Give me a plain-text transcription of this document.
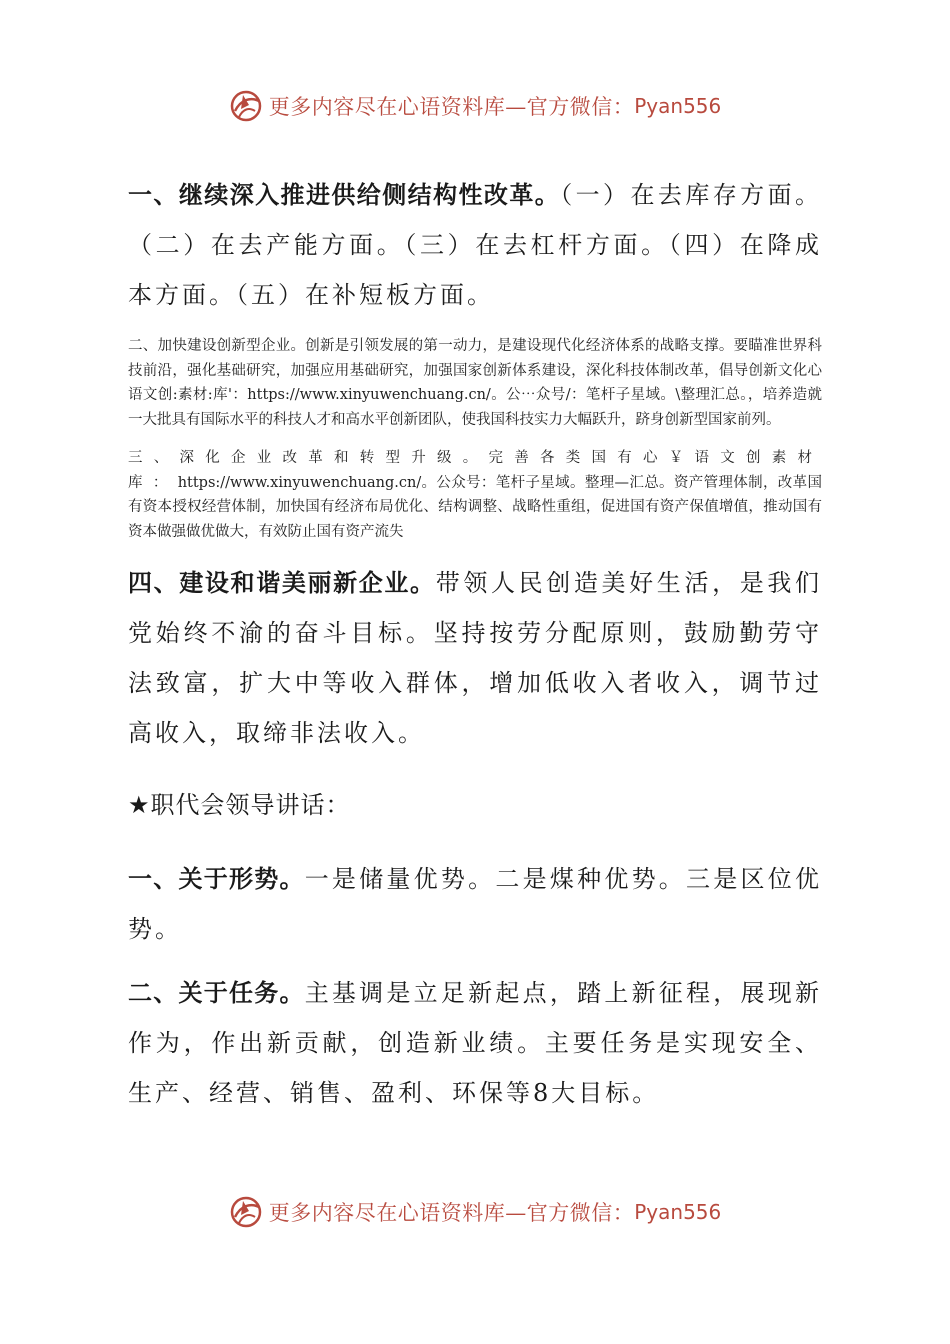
更多内容尽在心语资料库—官方微信： Pyan556

一、继续深入推进供给侧结构性改革。（一）在去库存方面。（二）在去产能方面。（三）在去杠杆方面。（四）在降成本方面。（五）在补短板方面。

二、加快建设创新型企业。创新是引领发展的第一动力，是建设现代化经济体系的战略支撑。要瞄准世界科技前沿，强化基础研究，加强应用基础研究，加强国家创新体系建设，深化科技体制改革，倡导创新文化心语文创:素材:库'：https://www.xinyuwenchuang.cn/。公⋯众号/：笔杆子星域。\整理汇总。，培养造就一大批具有国际水平的科技人才和高水平创新团队，使我国科技实力大幅跃升，跻身创新型国家前列。

三、深化企业改革和转型升级。完善各类国有心￥语文创素材库：https://www.xinyuwenchuang.cn/。公众号：笔杆子星域。整理—汇总。资产管理体制，改革国有资本授权经营体制，加快国有经济布局优化、结构调整、战略性重组，促进国有资产保值增值，推动国有资本做强做优做大，有效防止国有资产流失

四、建设和谐美丽新企业。带领人民创造美好生活，是我们党始终不渝的奋斗目标。坚持按劳分配原则，鼓励勤劳守法致富，扩大中等收入群体，增加低收入者收入，调节过高收入，取缔非法收入。

★职代会领导讲话：

一、关于形势。一是储量优势。二是煤种优势。三是区位优势。

二、关于任务。主基调是立足新起点，踏上新征程，展现新作为，作出新贡献，创造新业绩。主要任务是实现安全、生产、经营、销售、盈利、环保等8大目标。

更多内容尽在心语资料库—官方微信： Pyan556
